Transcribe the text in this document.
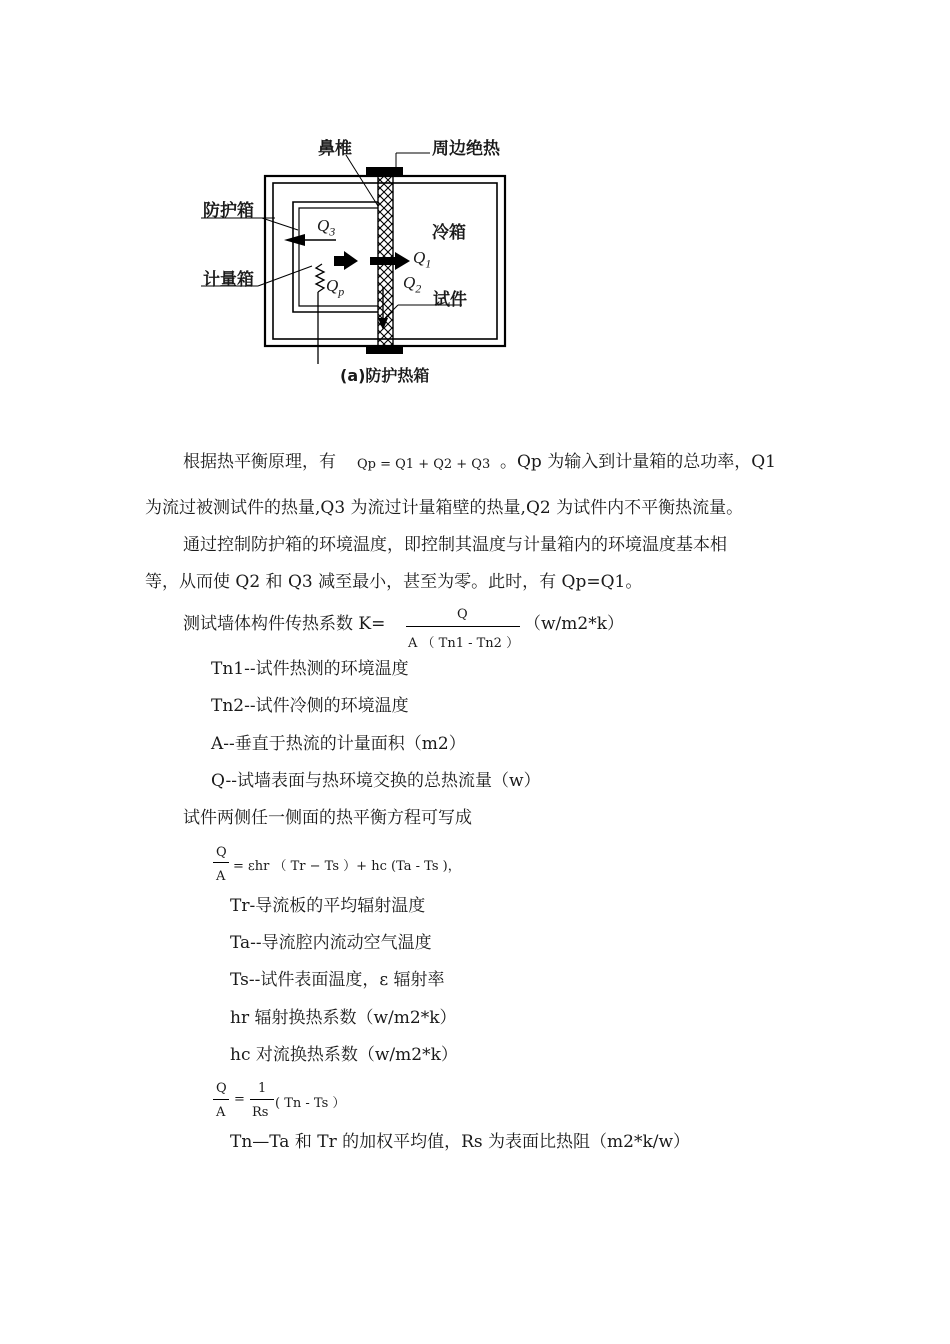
鼻椎	周边绝热
防护箱
冷箱
计量箱
试件
(a)防护热箱
$Q_3$
$Q_1$
$Q_2$
$Q_p$
根据热平衡原理，有 Qp = Q1 + Q2 + Q3 。Qp 为输入到计量箱的总功率，Q1
为流过被测试件的热量,Q3 为流过计量箱壁的热量,Q2 为试件内不平衡热流量。
通过控制防护箱的环境温度，即控制其温度与计量箱内的环境温度基本相
等，从而使 Q2 和 Q3 减至最小，甚至为零。此时，有 Qp=Q1。
测试墙体构件传热系数 K=	Q
A （ Tn1 - Tn2 ）
（w/m2*k）
Tn1--试件热测的环境温度
Tn2--试件冷侧的环境温度
A--垂直于热流的计量面积（m2）
Q--试墙表面与热环境交换的总热流量（w）
试件两侧任一侧面的热平衡方程可写成
Q
A
= εhr （ Tr − Ts ）+ hc (Ta - Ts )，
Tr-导流板的平均辐射温度
Ta--导流腔内流动空气温度
Ts--试件表面温度，ε 辐射率
hr 辐射换热系数（w/m2*k）
hc 对流换热系数（w/m2*k）
Q
A
=
1
Rs
( Tn - Ts ）
Tn—Ta 和 Tr 的加权平均值，Rs 为表面比热阻（m2*k/w）
